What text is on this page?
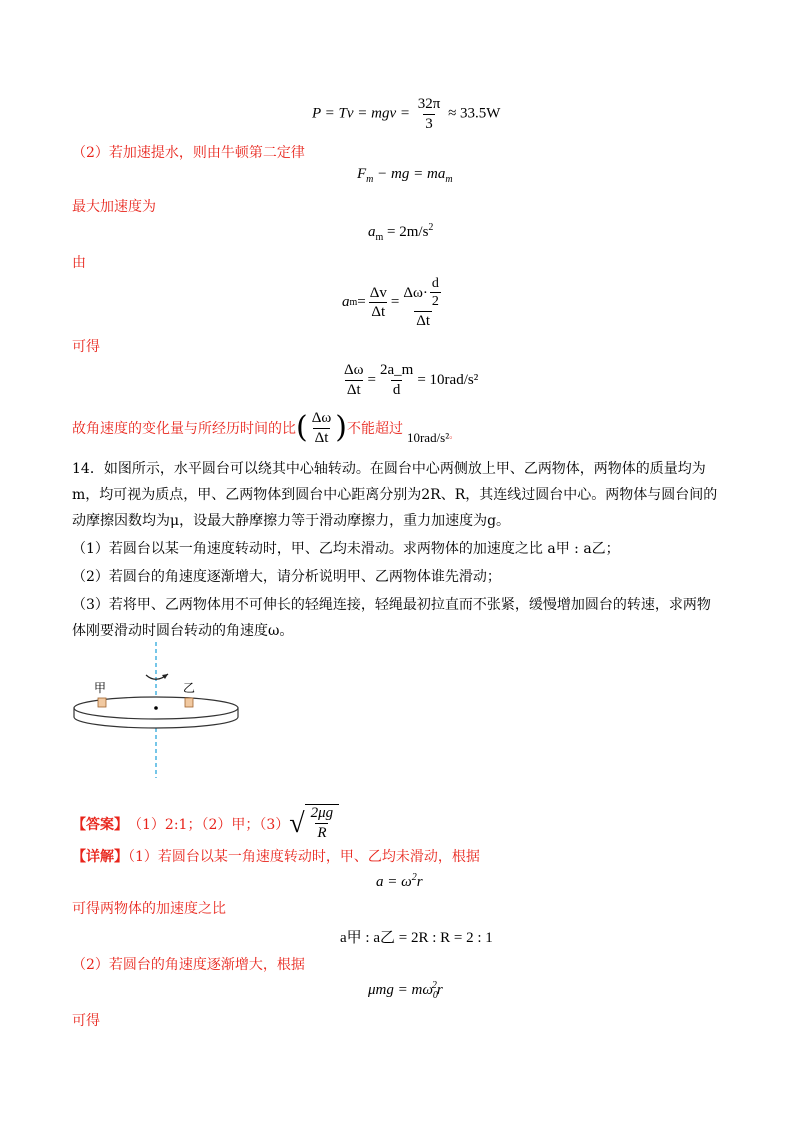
P = Tv = mgv = $\frac{32\pi}{3} \approx 33.5W$
（2）若加速提水，则由牛顿第二定律
$F_m$ − mg = $ma_m$
最大加速度为
$a_m = 2m/s^2$
由
a $m = \frac{\Delta v}{\Delta t} = \frac{\Delta\omega\cdot \frac{d}{2}}{\Delta t}$
可得
$\frac{\Delta\omega}{\Delta t} = \frac{2a\_m}{d} = 10rad/s^2$
故角速度的变化量与所经历时间的比 ( $\frac{\Delta\omega}{\Delta t}$ ) 不能超过
10rad/s² 。
14．如图所示，水平圆台可以绕其中心轴转动。在圆台中心两侧放上甲、乙两物体，两物体的质量均为
m，均可视为质点，甲、乙两物体到圆台中心距离分别为2R、R，其连线过圆台中心。两物体与圆台间的
动摩擦因数均为μ，设最大静摩擦力等于滑动摩擦力，重力加速度为g。
（1）若圆台以某一角速度转动时，甲、乙均未滑动。求两物体的加速度之比 a甲 : a乙；
（2）若圆台的角速度逐渐增大，请分析说明甲、乙两物体谁先滑动；
（3）若将甲、乙两物体用不可伸长的轻绳连接，轻绳最初拉直而不张紧，缓慢增加圆台的转速，求两物
体刚要滑动时圆台转动的角速度ω。
甲	乙
【答案】 （1）2:1；（2）甲；（3） √ $\frac{2\mu g}{R}$
【详解】（1）若圆台以某一角速度转动时，甲、乙均未滑动，根据
$a = \omega^2r$
可得两物体的加速度之比
a甲 : a乙 = 2R : R = 2 : 1
（2）若圆台的角速度逐渐增大，根据
$\mu mg = m\omega_0^2r$
可得
